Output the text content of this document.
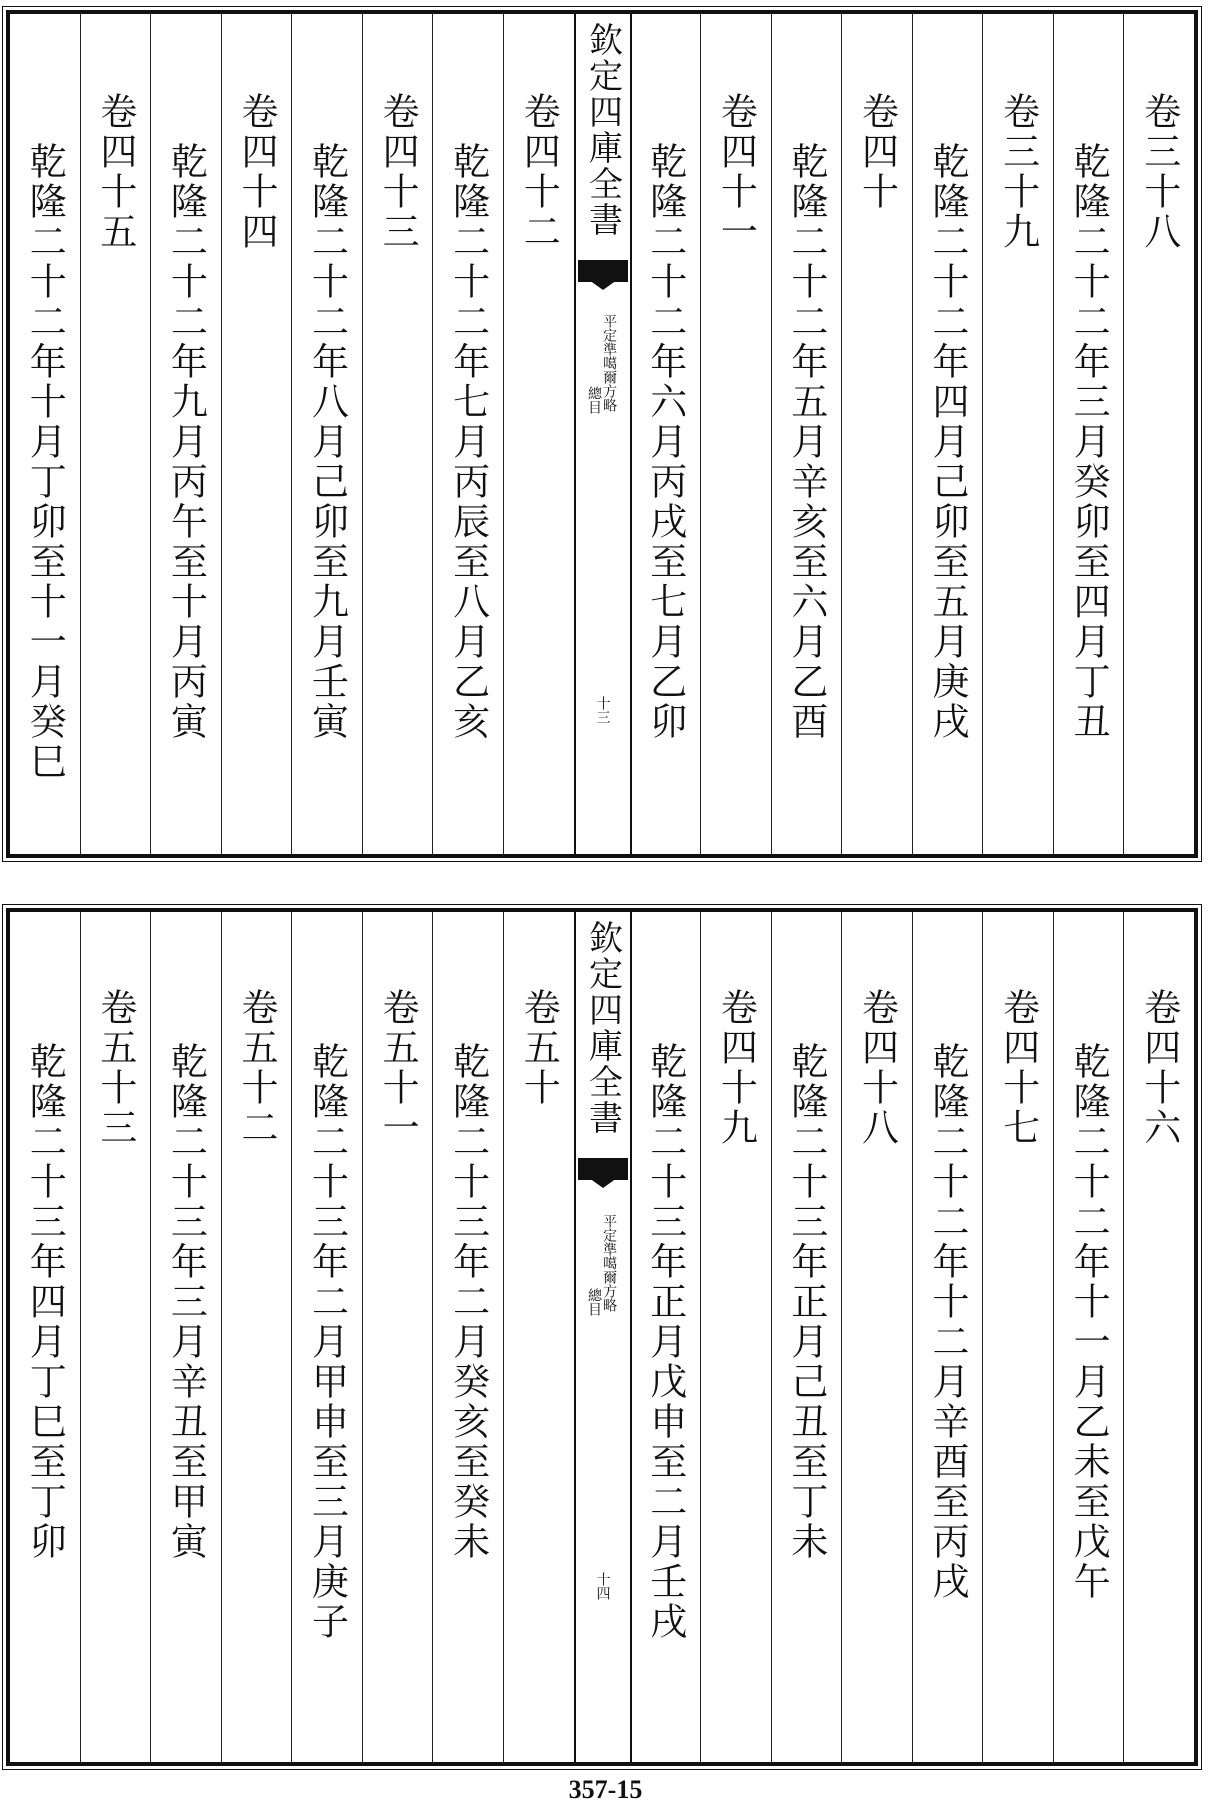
卷三十八
乾隆二十二年三月癸卯至四月丁丑
卷三十九
乾隆二十二年四月己卯至五月庚戌
卷四十
乾隆二十二年五月辛亥至六月乙酉
卷四十一
乾隆二十二年六月丙戌至七月乙卯
欽定四庫全書
平定準噶爾方略
總目
十三
卷四十二
乾隆二十二年七月丙辰至八月乙亥
卷四十三
乾隆二十二年八月己卯至九月壬寅
卷四十四
乾隆二十二年九月丙午至十月丙寅
卷四十五
乾隆二十二年十月丁卯至十一月癸巳
卷四十六
乾隆二十二年十一月乙未至戊午
卷四十七
乾隆二十二年十二月辛酉至丙戌
卷四十八
乾隆二十三年正月己丑至丁未
卷四十九
乾隆二十三年正月戊申至二月壬戌
欽定四庫全書
平定準噶爾方略
總目
十四
卷五十
乾隆二十三年二月癸亥至癸未
卷五十一
乾隆二十三年二月甲申至三月庚子
卷五十二
乾隆二十三年三月辛丑至甲寅
卷五十三
乾隆二十三年四月丁巳至丁卯
357-15
